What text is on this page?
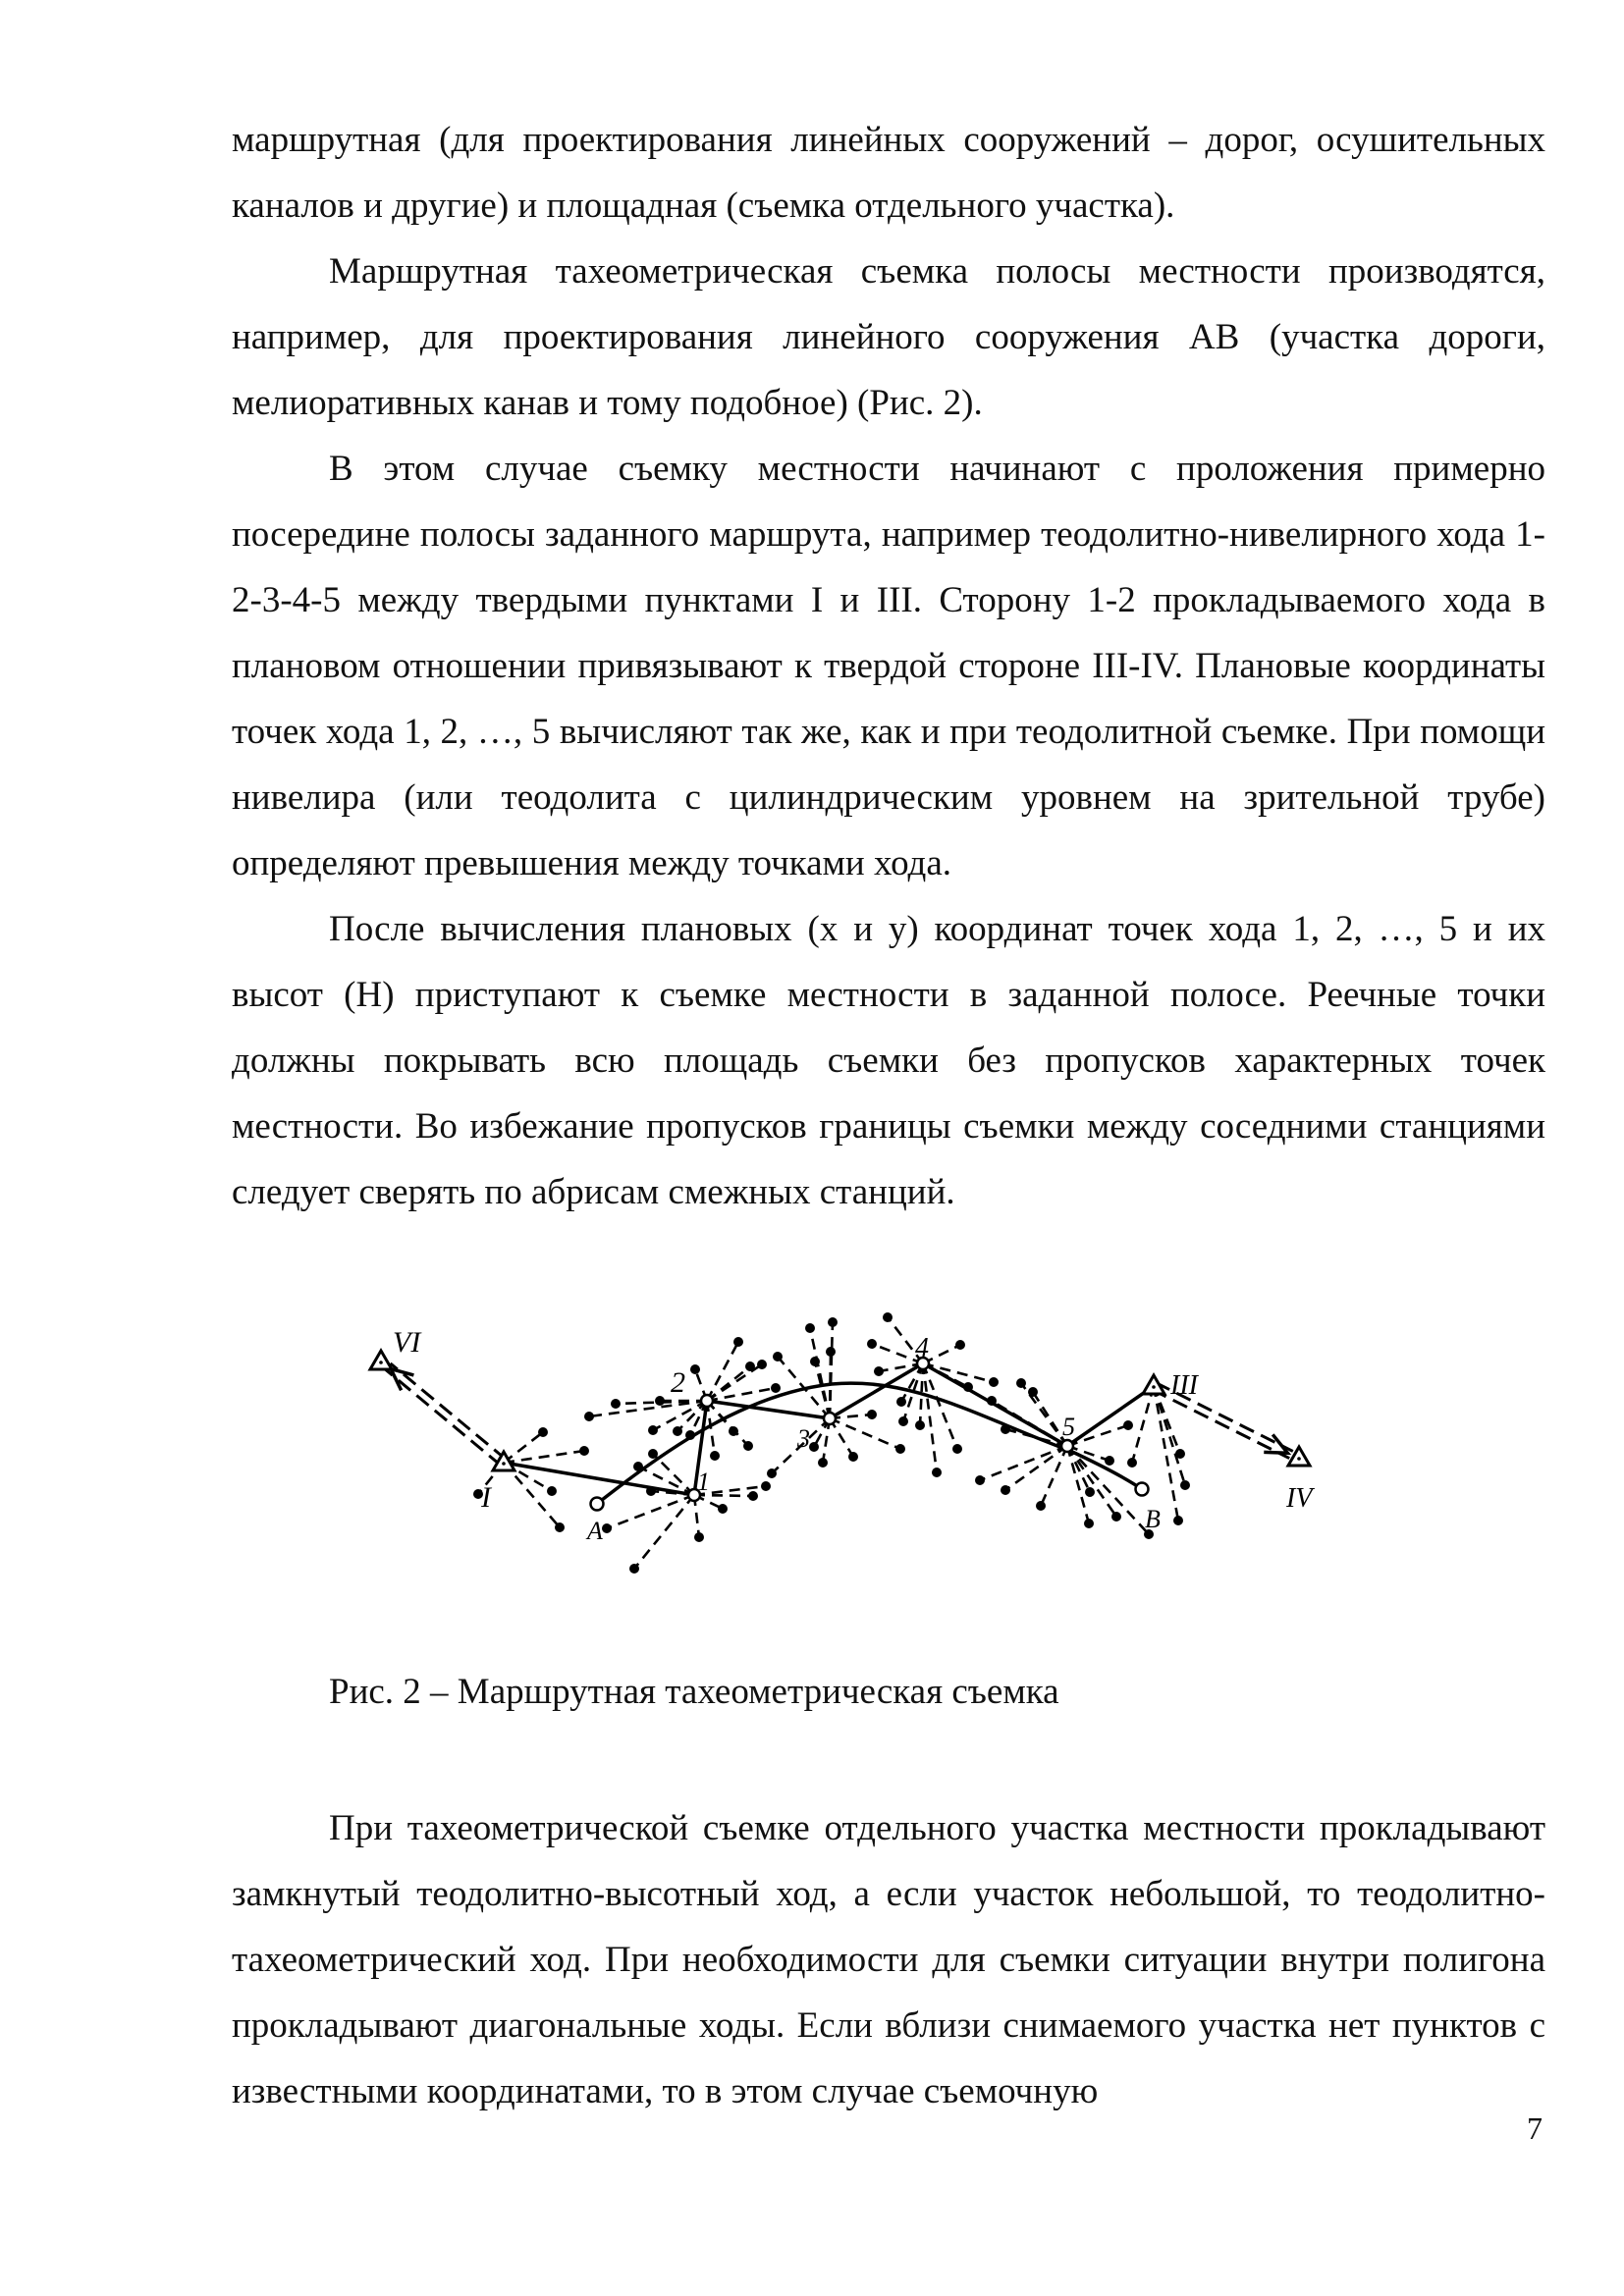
маршрутная (для проектирования линейных сооружений – дорог, осушительных каналов и другие) и площадная (съемка отдельного участка).

Маршрутная тахеометрическая съемка полосы местности производятся, например, для проектирования линейного сооружения АВ (участка дороги, мелиоративных канав и тому подобное) (Рис. 2).

В этом случае съемку местности начинают с проложения примерно посередине полосы заданного маршрута, например теодолитно-нивелирного хода 1-2-3-4-5 между твердыми пунктами I и III. Сторону 1-2 прокладываемого хода в плановом отношении привязывают к твердой стороне III-IV. Плановые координаты точек хода 1, 2, …, 5 вычисляют так же, как и при теодолитной съемке. При помощи нивелира (или теодолита с цилиндрическим уровнем на зрительной трубе) определяют превышения между точками хода.

После вычисления плановых (х и у) координат точек хода 1, 2, …, 5 и их высот (Н) приступают к съемке местности в заданной полосе. Реечные точки должны покрывать всю площадь съемки без пропусков характерных точек местности. Во избежание пропусков границы съемки между соседними станциями следует сверять по абрисам смежных станций.

VI
I	1
2
3
4
5
A	B
III
IV
Рис. 2 – Маршрутная тахеометрическая съемка

При тахеометрической съемке отдельного участка местности прокладывают замкнутый теодолитно-высотный ход, а если участок небольшой, то теодолитно-тахеометрический ход. При необходимости для съемки ситуации внутри полигона прокладывают диагональные ходы. Если вблизи снимаемого участка нет пунктов с известными координатами, то в этом случае съемочную

7
